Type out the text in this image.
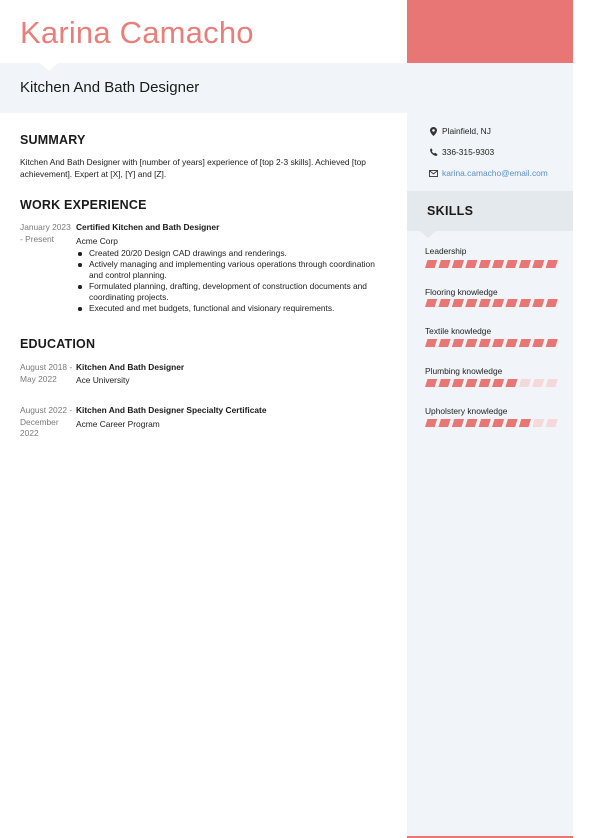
Karina Camacho
Kitchen And Bath Designer
Plainfield, NJ
336-315-9303
karina.camacho@email.com
SKILLS
Leadership
Flooring knowledge
Textile knowledge
Plumbing knowledge
Upholstery knowledge
SUMMARY
Kitchen And Bath Designer with [number of years] experience of [top 2-3 skills]. Achieved [top achievement]. Expert at [X], [Y] and [Z].
WORK EXPERIENCE
January 2023
- Present
Certified Kitchen and Bath Designer
Acme Corp
Created 20/20 Design CAD drawings and renderings.
Actively managing and implementing various operations through coordination and control planning.
Formulated planning, drafting, development of construction documents and coordinating projects.
Executed and met budgets, functional and visionary requirements.
EDUCATION
August 2018 -
May 2022
Kitchen And Bath Designer
Ace University
August 2022 -
December 2022
Kitchen And Bath Designer Specialty Certificate
Acme Career Program
